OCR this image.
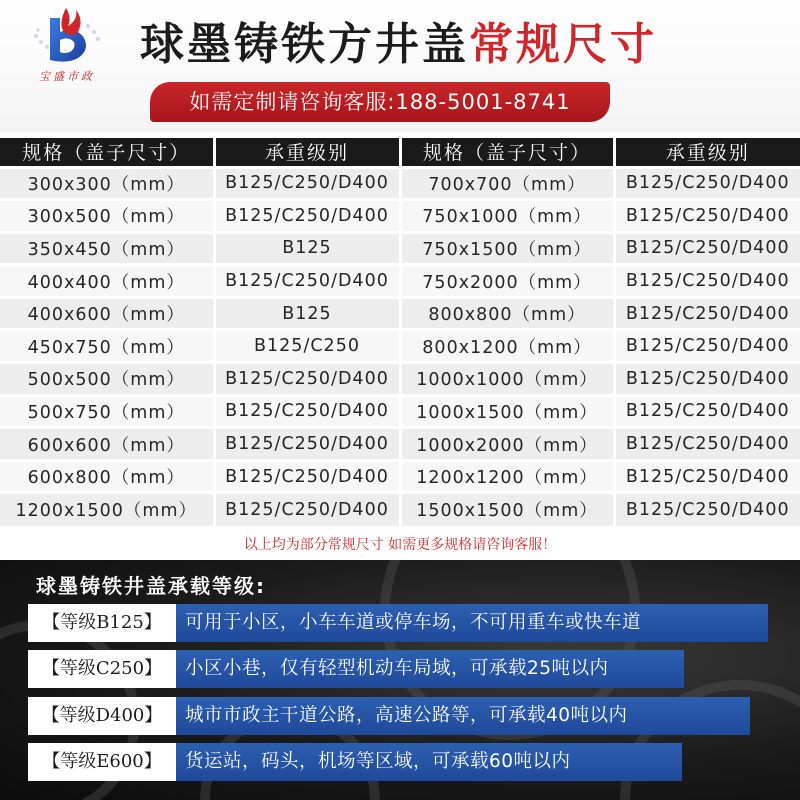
宝盛市政
球墨铸铁方井盖常规尺寸
如需定制请咨询客服:188-5001-8741
规格（盖子尺寸）	承重级别	规格（盖子尺寸）	承重级别
300x300（mm）	B125/C250/D400	700x700（mm）	B125/C250/D400
300x500（mm）	B125/C250/D400	750x1000（mm）	B125/C250/D400
350x450（mm）	B125	750x1500（mm）	B125/C250/D400
400x400（mm）	B125/C250/D400	750x2000（mm）	B125/C250/D400
400x600（mm）	B125	800x800（mm）	B125/C250/D400
450x750（mm）	B125/C250	800x1200（mm）	B125/C250/D400
500x500（mm）	B125/C250/D400	1000x1000（mm）	B125/C250/D400
500x750（mm）	B125/C250/D400	1000x1500（mm）	B125/C250/D400
600x600（mm）	B125/C250/D400	1000x2000（mm）	B125/C250/D400
600x800（mm）	B125/C250/D400	1200x1200（mm）	B125/C250/D400
1200x1500（mm）	B125/C250/D400	1500x1500（mm）	B125/C250/D400
以上均为部分常规尺寸 如需更多规格请咨询客服！
球墨铸铁井盖承载等级:
【等级B125】	可用于小区，小车车道或停车场，不可用重车或快车道
【等级C250】	小区小巷，仅有轻型机动车局域，可承载25吨以内
【等级D400】	城市市政主干道公路，高速公路等，可承载40吨以内
【等级E600】	货运站，码头，机场等区域，可承载60吨以内
